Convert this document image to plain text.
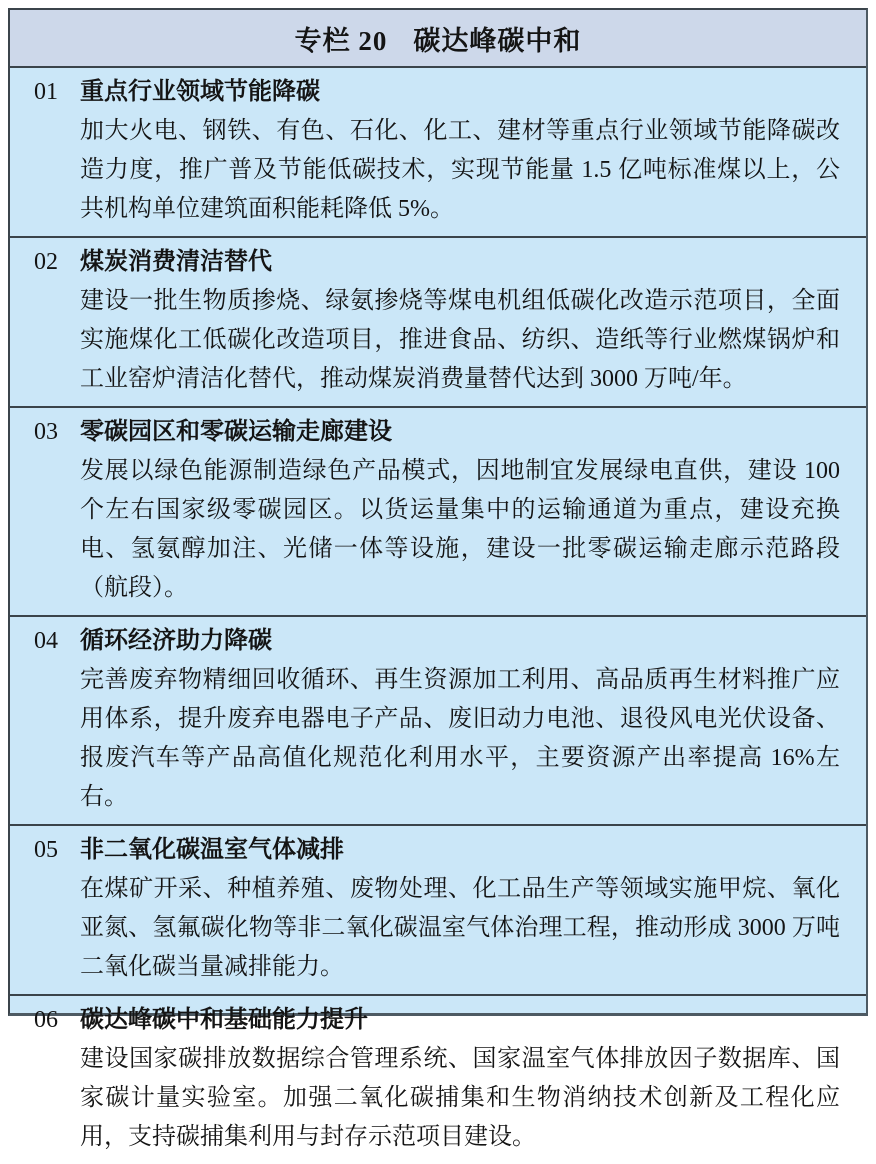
专栏 20 碳达峰碳中和
01 重点行业领域节能降碳
加大火电、钢铁、有色、石化、化工、建材等重点行业领域节能降碳改造力度，推广普及节能低碳技术，实现节能量 1.5 亿吨标准煤以上，公共机构单位建筑面积能耗降低 5%。
02 煤炭消费清洁替代
建设一批生物质掺烧、绿氨掺烧等煤电机组低碳化改造示范项目，全面实施煤化工低碳化改造项目，推进食品、纺织、造纸等行业燃煤锅炉和工业窑炉清洁化替代，推动煤炭消费量替代达到 3000 万吨/年。
03 零碳园区和零碳运输走廊建设
发展以绿色能源制造绿色产品模式，因地制宜发展绿电直供，建设 100 个左右国家级零碳园区。以货运量集中的运输通道为重点，建设充换电、氢氨醇加注、光储一体等设施，建设一批零碳运输走廊示范路段（航段）。
04 循环经济助力降碳
完善废弃物精细回收循环、再生资源加工利用、高品质再生材料推广应用体系，提升废弃电器电子产品、废旧动力电池、退役风电光伏设备、报废汽车等产品高值化规范化利用水平，主要资源产出率提高 16%左右。
05 非二氧化碳温室气体减排
在煤矿开采、种植养殖、废物处理、化工品生产等领域实施甲烷、氧化亚氮、氢氟碳化物等非二氧化碳温室气体治理工程，推动形成 3000 万吨二氧化碳当量减排能力。
06 碳达峰碳中和基础能力提升
建设国家碳排放数据综合管理系统、国家温室气体排放因子数据库、国家碳计量实验室。加强二氧化碳捕集和生物消纳技术创新及工程化应用，支持碳捕集利用与封存示范项目建设。
